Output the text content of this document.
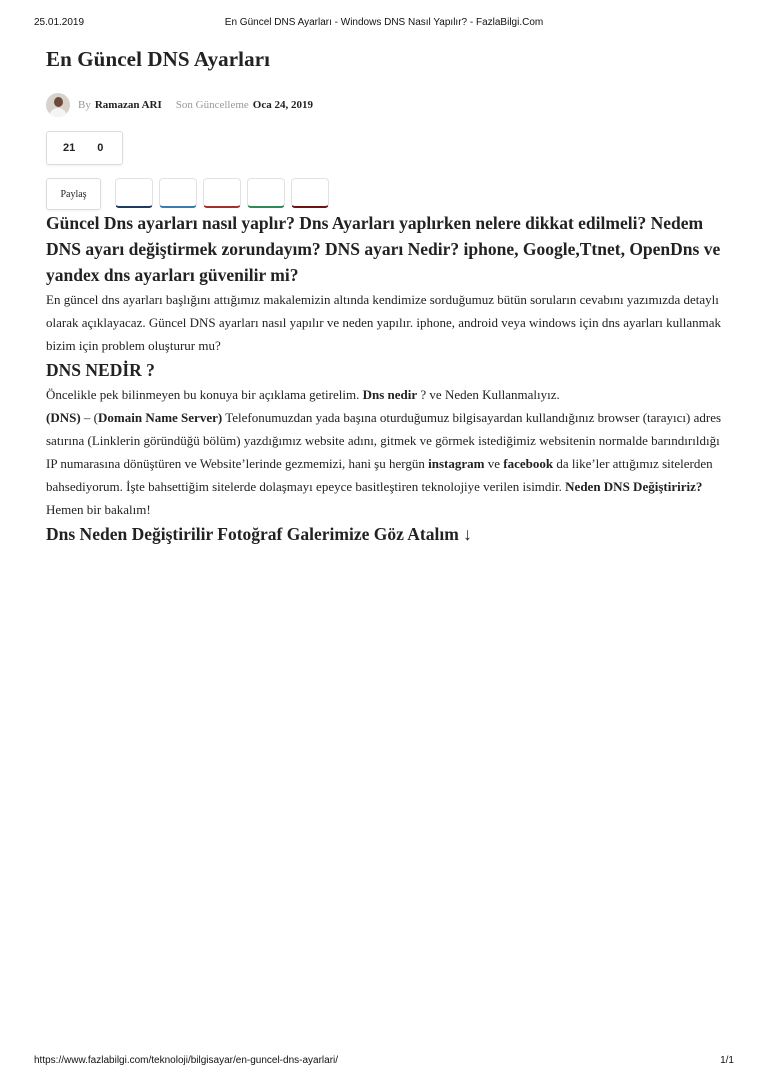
25.01.2019	En Güncel DNS Ayarları - Windows DNS Nasıl Yapılır? - FazlaBilgi.Com
En Güncel DNS Ayarları
By Ramazan ARI Son Güncelleme Oca 24, 2019
21 0
Paylaş
Güncel Dns ayarları nasıl yaplır? Dns Ayarları yaplırken nelere dikkat edilmeli? Nedem DNS ayarı değiştirmek zorundayım? DNS ayarı Nedir? iphone, Google,Ttnet, OpenDns ve yandex dns ayarları güvenilir mi?

En güncel dns ayarları başlığını attığımız makalemizin altında kendimize sorduğumuz bütün soruların cevabını yazımızda detaylı olarak açıklayacaz. Güncel DNS ayarları nasıl yapılır ve neden yapılır. iphone, android veya windows için dns ayarları kullanmak bizim için problem oluşturur mu?

DNS NEDİR ?

Öncelikle pek bilinmeyen bu konuya bir açıklama getirelim. Dns nedir ? ve Neden Kullanmalıyız.
(DNS) – (Domain Name Server) Telefonumuzdan yada başına oturduğumuz bilgisayardan kullandığınız browser (tarayıcı) adres satırına (Linklerin göründüğü bölüm) yazdığımız website adını, gitmek ve görmek istediğimiz websitenin normalde barındırıldığı IP numarasına dönüştüren ve Website’lerinde gezmemizi, hani şu hergün instagram ve facebook da like’ler attığımız sitelerden bahsediyorum. İşte bahsettiğim sitelerde dolaşmayı epeyce basitleştiren teknolojiye verilen isimdir. Neden DNS Değiştiririz? Hemen bir bakalım!

Dns Neden Değiştirilir Fotoğraf Galerimize Göz Atalım ↓
https://www.fazlabilgi.com/teknoloji/bilgisayar/en-guncel-dns-ayarlari/	1/1
